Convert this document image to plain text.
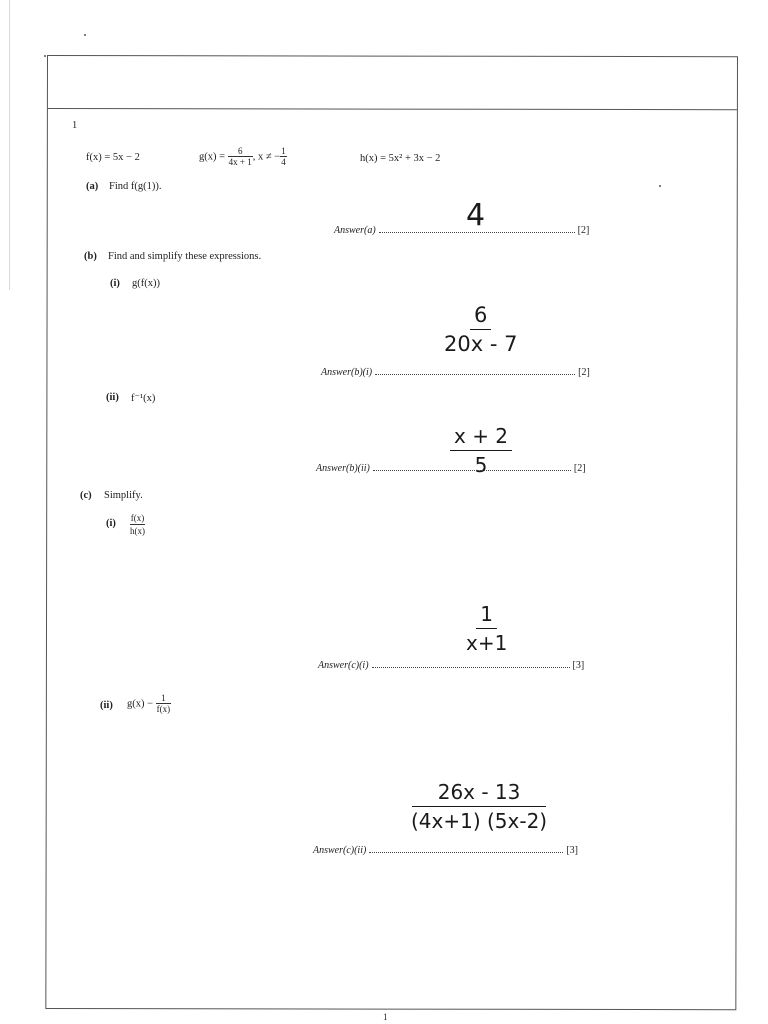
1
f(x) = 5x − 2	$g(x) = \frac{6}{4x + 1}$ , x ≠ − $\frac{1}{4}$	h(x) = 5x² + 3x − 2
(a) Find f(g(1)).
4
Answer(a)	[2]
(b) Find and simplify these expressions.
(i) g(f(x))
$\frac{6}{20x - 7}$
Answer(b)(i)	[2]
(ii) f⁻¹(x)
$\frac{x + 2}{5}$
Answer(b)(ii)	[2]
(c) Simplify.
$(i) \frac{f(x)}{h(x)}$
$\frac{1}{x+1}$
Answer(c)(i)	[3]
(ii) $g(x) - \frac{1}{f(x)}$
$\frac{26x - 13}{(4x+1) (5x-2)}$
Answer(c)(ii)	[3]
1
